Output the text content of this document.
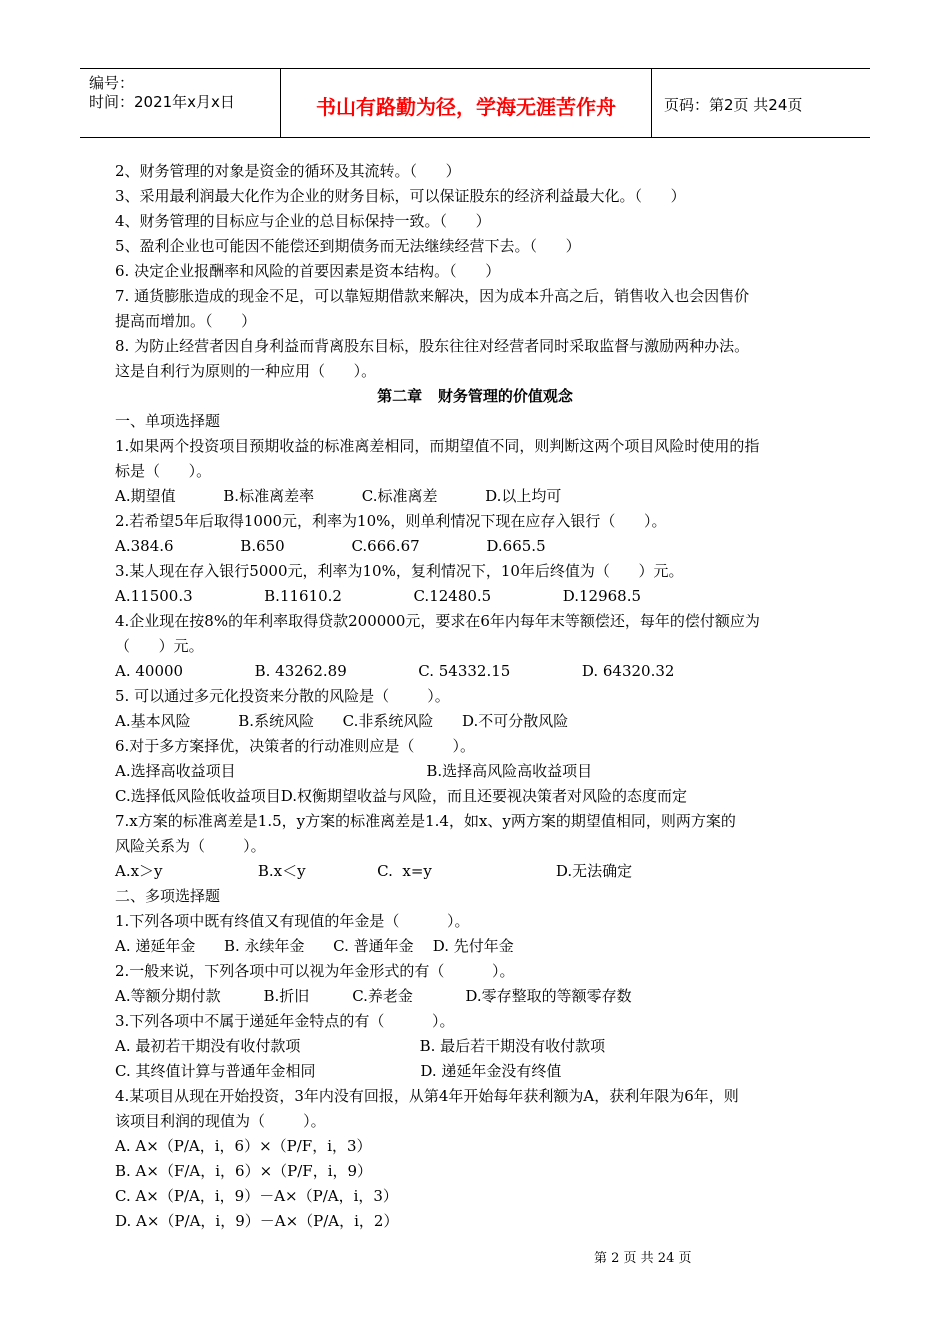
编号：
时间：2021年x月x日	书山有路勤为径，学海无涯苦作舟	页码：第2页 共24页
2、财务管理的对象是资金的循环及其流转。（      ）
3、采用最利润最大化作为企业的财务目标，可以保证股东的经济利益最大化。（      ）
4、财务管理的目标应与企业的总目标保持一致。（      ）
5、盈利企业也可能因不能偿还到期债务而无法继续经营下去。（      ）
6. 决定企业报酬率和风险的首要因素是资本结构。（      ）
7. 通货膨胀造成的现金不足，可以靠短期借款来解决，因为成本升高之后，销售收入也会因售价
提高而增加。（      ）
8. 为防止经营者因自身利益而背离股东目标，股东往往对经营者同时采取监督与激励两种办法。
这是自利行为原则的一种应用（      ）。
第二章   财务管理的价值观念
一、单项选择题
1.如果两个投资项目预期收益的标准离差相同，而期望值不同，则判断这两个项目风险时使用的指
标是（      ）。
A.期望值          B.标准离差率          C.标准离差          D.以上均可
2.若希望5年后取得1000元，利率为10%，则单利情况下现在应存入银行（      ）。
A.384.6              B.650              C.666.67              D.665.5
3.某人现在存入银行5000元，利率为10%，复利情况下，10年后终值为（      ）元。
A.11500.3               B.11610.2               C.12480.5               D.12968.5
4.企业现在按8%的年利率取得贷款200000元，要求在6年内每年末等额偿还，每年的偿付额应为
（      ）元。
A. 40000               B. 43262.89               C. 54332.15               D. 64320.32
5. 可以通过多元化投资来分散的风险是（        ）。
A.基本风险          B.系统风险      C.非系统风险      D.不可分散风险
6.对于多方案择优，决策者的行动准则应是（        ）。
A.选择高收益项目                                        B.选择高风险高收益项目
C.选择低风险低收益项目D.权衡期望收益与风险，而且还要视决策者对风险的态度而定
7.x方案的标准离差是1.5，y方案的标准离差是1.4，如x、y两方案的期望值相同，则两方案的
风险关系为（        ）。
A.x＞y                    B.x＜y               C.  x=y                          D.无法确定
二、多项选择题
1.下列各项中既有终值又有现值的年金是（          ）。
A. 递延年金      B. 永续年金      C. 普通年金    D. 先付年金
2.一般来说，下列各项中可以视为年金形式的有（          ）。
A.等额分期付款         B.折旧         C.养老金           D.零存整取的等额零存数
3.下列各项中不属于递延年金特点的有（          ）。
A. 最初若干期没有收付款项                         B. 最后若干期没有收付款项
C. 其终值计算与普通年金相同                      D. 递延年金没有终值
4.某项目从现在开始投资，3年内没有回报，从第4年开始每年获利额为A，获利年限为6年，则
该项目利润的现值为（        ）。
A. A×（P/A，i，6）×（P/F，i，3）
B. A×（F/A，i，6）×（P/F，i，9）
C. A×（P/A，i，9）－A×（P/A，i，3）
D. A×（P/A，i，9）－A×（P/A，i，2）
第 2 页 共 24 页
